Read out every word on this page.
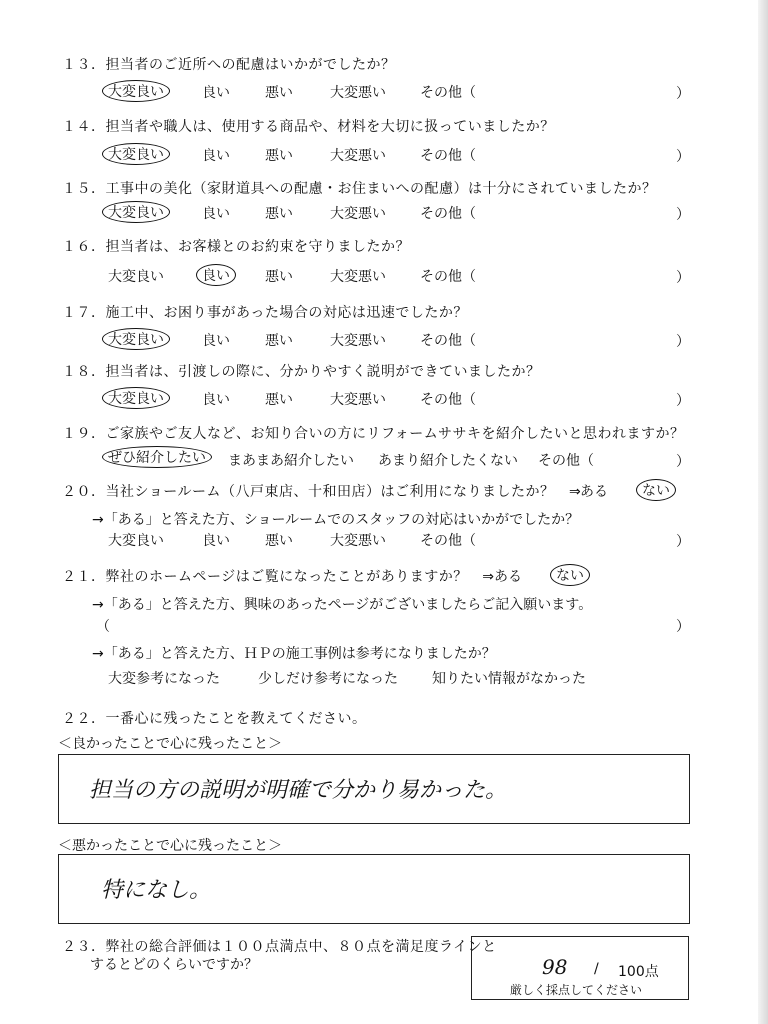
１３．担当者のご近所への配慮はいかがでしたか？
大変良い	良い	悪い	大変悪い その他（	）
１４．担当者や職人は、使用する商品や、材料を大切に扱っていましたか？
大変良い	良い	悪い	大変悪い その他（	）
１５．工事中の美化（家財道具への配慮・お住まいへの配慮）は十分にされていましたか？
大変良い	良い	悪い	大変悪い その他（	）
１６．担当者は、お客様とのお約束を守りましたか？
大変良い	良い	悪い	大変悪い その他（	）
１７．施工中、お困り事があった場合の対応は迅速でしたか？
大変良い	良い	悪い	大変悪い その他（	）
１８．担当者は、引渡しの際に、分かりやすく説明ができていましたか？
大変良い	良い	悪い	大変悪い その他（	）
１９．ご家族やご友人など、お知り合いの方にリフォームササキを紹介したいと思われますか？
ぜひ紹介したい	まあまあ紹介したい あまり紹介したくない その他（	）
２０．当社ショールーム（八戸東店、十和田店）はご利用になりましたか？　⇒
ある	ない
→「ある」と答えた方、ショールームでのスタッフの対応はいかがでしたか？
大変良い	良い	悪い	大変悪い その他（	）
２１．弊社のホームページはご覧になったことがありますか？　⇒ ある	ない
→「ある」と答えた方、興味のあったページがございましたらご記入願います。
（	）
→「ある」と答えた方、ＨＰの施工事例は参考になりましたか？
大変参考になった	少しだけ参考になった 知りたい情報がなかった
２２．一番心に残ったことを教えてください。
＜良かったことで心に残ったこと＞
担当の方の説明が明確で分かり易かった。
＜悪かったことで心に残ったこと＞
特になし。
２３．弊社の総合評価は１００点満点中、８０点を満足度ラインと
するとどのくらいですか？	98 / 100点
厳しく採点してください
